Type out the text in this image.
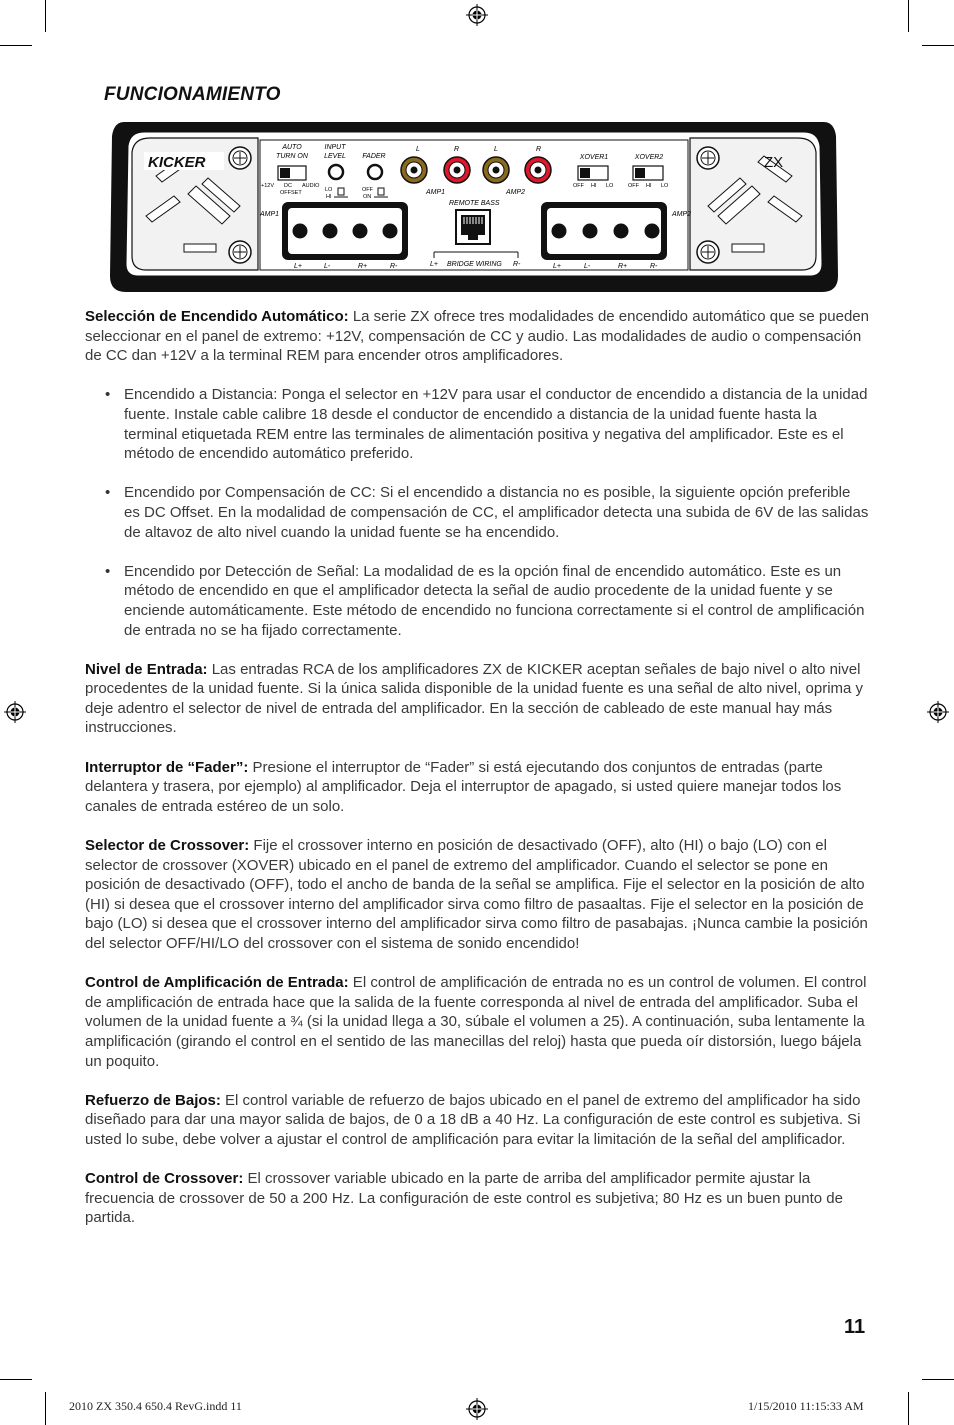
FUNCIONAMIENTO
KICKER	ZX
AUTO
TURN ON
+12V DC AUDIO
OFFSET
INPUT
LEVEL
LO
HI
FADER
OFF
ON
L	R	L	R
AMP1	AMP2
XOVER1
OFF HI LO
XOVER2
OFF HI LO
AMP1	AMP2
L+	L-	R+	R-
REMOTE BASS
L+ BRIDGE WIRING R-	L+	L-	R+	R-

Selección de Encendido Automático: La serie ZX ofrece tres modalidades de encendido automático que se pueden seleccionar en el panel de extremo: +12V, compensación de CC y audio. Las modalidades de audio o compensación de CC dan +12V a la terminal REM para encender otros amplificadores.

• Encendido a Distancia: Ponga el selector en +12V para usar el conductor de encendido a distancia de la unidad fuente. Instale cable calibre 18 desde el conductor de encendido a distancia de la unidad fuente hasta la terminal etiquetada REM entre las terminales de alimentación positiva y negativa del amplificador. Este es el método de encendido automático preferido.
• Encendido por Compensación de CC: Si el encendido a distancia no es posible, la siguiente opción preferible es DC Offset. En la modalidad de compensación de CC, el amplificador detecta una subida de 6V de las salidas de altavoz de alto nivel cuando la unidad fuente se ha encendido.
• Encendido por Detección de Señal: La modalidad de es la opción final de encendido automático. Este es un método de encendido en que el amplificador detecta la señal de audio procedente de la unidad fuente y se enciende automáticamente. Este método de encendido no funciona correctamente si el control de amplificación de entrada no se ha fijado correctamente.

Nivel de Entrada: Las entradas RCA de los amplificadores ZX de KICKER aceptan señales de bajo nivel o alto nivel procedentes de la unidad fuente. Si la única salida disponible de la unidad fuente es una señal de alto nivel, oprima y deje adentro el selector de nivel de entrada del amplificador. En la sección de cableado de este manual hay más instrucciones.

Interruptor de “Fader”: Presione el interruptor de “Fader” si está ejecutando dos conjuntos de entradas (parte delantera y trasera, por ejemplo) al amplificador. Deja el interruptor de apagado, si usted quiere manejar todos los canales de entrada estéreo de un solo.

Selector de Crossover: Fije el crossover interno en posición de desactivado (OFF), alto (HI) o bajo (LO) con el selector de crossover (XOVER) ubicado en el panel de extremo del amplificador. Cuando el selector se pone en posición de desactivado (OFF), todo el ancho de banda de la señal se amplifica. Fije el selector en la posición de alto (HI) si desea que el crossover interno del amplificador sirva como filtro de pasaaltas. Fije el selector en la posición de bajo (LO) si desea que el crossover interno del amplificador sirva como filtro de pasabajas. ¡Nunca cambie la posición del selector OFF/HI/LO del crossover con el sistema de sonido encendido!

Control de Amplificación de Entrada: El control de amplificación de entrada no es un control de volumen. El control de amplificación de entrada hace que la salida de la fuente corresponda al nivel de entrada del amplificador. Suba el volumen de la unidad fuente a ¾ (si la unidad llega a 30, súbale el volumen a 25). A continuación, suba lentamente la amplificación (girando el control en el sentido de las manecillas del reloj) hasta que pueda oír distorsión, luego bájela un poquito.

Refuerzo de Bajos: El control variable de refuerzo de bajos ubicado en el panel de extremo del amplificador ha sido diseñado para dar una mayor salida de bajos, de 0 a 18 dB a 40 Hz. La configuración de este control es subjetiva. Si usted lo sube, debe volver a ajustar el control de amplificación para evitar la limitación de la señal del amplificador.

Control de Crossover: El crossover variable ubicado en la parte de arriba del amplificador permite ajustar la frecuencia de crossover de 50 a 200 Hz. La configuración de este control es subjetiva; 80 Hz es un buen punto de partida.

11
2010 ZX 350.4 650.4 RevG.indd 11	1/15/2010 11:15:33 AM
